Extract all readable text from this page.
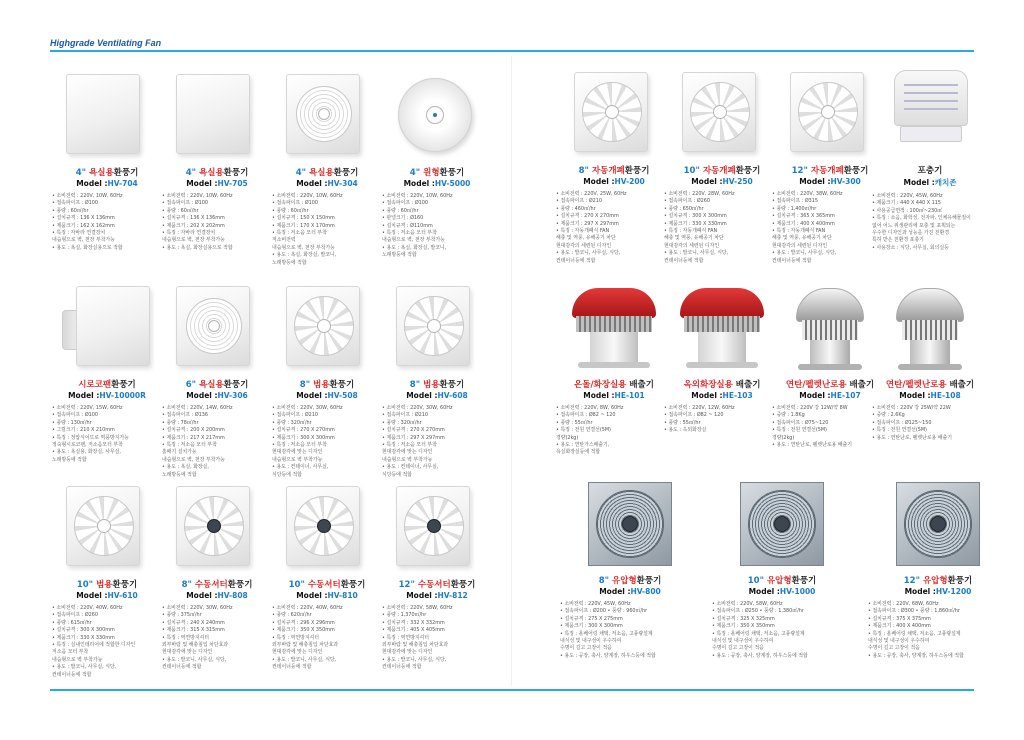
Highgrade Ventilating Fan
4" 욕실용환풍기
Model :HV-704
• 소비전력 : 220V, 10W, 60Hz
• 접속파이프 : Ø100
• 풍량 : 60㎥/hr
• 설치규격 : 136 X 136mm
• 제품크기 : 162 X 162mm
• 특징 : 자바라 연결장치
내습형으로 벽, 천장 부착가능
• 용도 : 욕실, 화장실용으로 적합
4" 욕실용환풍기
Model :HV-705
• 소비전력 : 220V, 10W, 60Hz
• 접속파이프 : Ø100
• 풍량 : 60㎥/hr
• 설치규격 : 136 X 136mm
• 제품크기 : 202 X 202mm
• 특징 : 자바라 연결장치
내습형으로 벽, 천장 부착가능
• 용도 : 욕실, 화장실용으로 적합
4" 욕실용환풍기
Model :HV-304
• 소비전력 : 220V, 10W, 60Hz
• 접속파이프 : Ø100
• 풍량 : 60㎥/hr
• 설치규격 : 150 X 150mm
• 제품크기 : 170 X 170mm
• 특징 : 저소음 모터 부착
저소비전력
내습형으로 벽, 천장 부착가능
• 용도 : 욕실, 화장실, 발코니,
노래방등에 적합
4" 원형환풍기
Model :HV-5000
• 소비전력 : 220V, 10W, 60Hz
• 접속파이프 : Ø100
• 풍량 : 60㎥/hr
• 판넬크기 : Ø160
• 설치규격 : Ø110mm
• 특징 : 저소음 모터 부착
내습형으로 벽, 천장 부착가능
• 용도 : 욕실, 화장실, 발코니,
노래방등에 적합
시로코팬환풍기
Model :HV-10000R
• 소비전력 : 220V, 15W, 60Hz
• 접속파이프 : Ø100
• 풍량 : 130㎥/hr
• 그릴크기 : 210 X 210mm
• 특징 : 정압식이므로 역풍방지가능
정숙형시로코팬, 저소음모터 부착
• 용도 : 욕실용, 화장실, 사무실,
노래방등에 적합
6" 욕실용환풍기
Model :HV-306
• 소비전력 : 220V, 14W, 60Hz
• 접속파이프 : Ø136
• 풍량 : 78㎥/hr
• 설치규격 : 200 X 200mm
• 제품크기 : 217 X 217mm
• 특징 : 저소음 모터 부착
홈배기 설치가능
내습형으로 벽, 천장 부착가능
• 용도 : 욕실, 화장실,
노래방등에 적합
8" 범용환풍기
Model :HV-508
• 소비전력 : 220V, 30W, 60Hz
• 접속파이프 : Ø210
• 풍량 : 320㎥/hr
• 설치규격 : 270 X 270mm
• 제품크기 : 300 X 300mm
• 특징 : 저소음 모터 부착
현대감각에 맞는 디자인
내습형으로 벽 부착가능
• 용도 : 컨테이너, 사무실,
식당등에 적합
8" 범용환풍기
Model :HV-608
• 소비전력 : 220V, 30W, 60Hz
• 접속파이프 : Ø210
• 풍량 : 320㎥/hr
• 설치규격 : 270 X 270mm
• 제품크기 : 297 X 297mm
• 특징 : 저소음 모터 부착
현대감각에 맞는 디자인
내습형으로 벽 부착가능
• 용도 : 컨테이너, 사무실,
식당등에 적합
10" 범용환풍기
Model :HV-610
• 소비전력 : 220V, 40W, 60Hz
• 접속파이프 : Ø260
• 풍량 : 615㎥/hr
• 설치규격 : 300 X 300mm
• 제품크기 : 330 X 330mm
• 특징 : 실내인테리어에 적합한 디자인
저소음 모터 부착
내습형으로 벽 부착가능
• 용도 : 발코니, 사무실, 식당,
컨테이너등에 적합
8" 수동셔터환풍기
Model :HV-808
• 소비전력 : 220V, 30W, 60Hz
• 풍량 : 375㎥/hr
• 설치규격 : 240 X 240mm
• 제품크기 : 315 X 315mm
• 특징 : 역연방지셔터
외부바람 및 해충침입 차단효과
현대감각에 맞는 디자인
• 용도 : 발코니, 사무실, 식당,
컨테이너등에 적합
10" 수동셔터환풍기
Model :HV-810
• 소비전력 : 220V, 40W, 60Hz
• 풍량 : 620㎥/hr
• 설치규격 : 296 X 296mm
• 제품크기 : 350 X 350mm
• 특징 : 역연방지셔터
외부바람 및 해충침입 차단효과
현대감각에 맞는 디자인
• 용도 : 발코니, 사무실, 식당,
컨테이너등에 적합
12" 수동셔터환풍기
Model :HV-812
• 소비전력 : 220V, 58W, 60Hz
• 풍량 : 1,370㎥/hr
• 설치규격 : 332 X 332mm
• 제품크기 : 405 X 405mm
• 특징 : 역연방지셔터
외부바람 및 해충침입 차단효과
현대감각에 맞는 디자인
• 용도 : 발코니, 사무실, 식당,
컨테이너등에 적합
8" 자동개폐환풍기
Model :HV-200
• 소비전력 : 220V, 25W, 60Hz
• 접속파이프 : Ø210
• 풍량 : 460㎥/hr
• 설치규격 : 270 X 270mm
• 제품크기 : 297 X 297mm
• 특징 : 자동개폐식 FAN
해충 및 역풍, 유해공기 차단
현대감각의 세련된 디자인
• 용도 : 발코니, 사무실, 식당,
컨테이너등에 적합
10" 자동개폐환풍기
Model :HV-250
• 소비전력 : 220V, 28W, 60Hz
• 접속파이프 : Ø260
• 풍량 : 650㎥/hr
• 설치규격 : 300 X 300mm
• 제품크기 : 330 X 330mm
• 특징 : 자동개폐식 FAN
해충 및 역풍, 유해공기 차단
현대감각의 세련된 디자인
• 용도 : 발코니, 사무실, 식당,
컨테이너등에 적합
12" 자동개폐환풍기
Model :HV-300
• 소비전력 : 220V, 38W, 60Hz
• 접속파이프 : Ø315
• 풍량 : 1,400㎥/hr
• 설치규격 : 365 X 365mm
• 제품크기 : 400 X 400mm
• 특징 : 자동개폐식 FAN
해충 및 역풍, 유해공기 차단
현대감각의 세련된 디자인
• 용도 : 발코니, 사무실, 식당,
컨테이너등에 적합
포충기
Model :캐치존
• 소비전력 : 220V, 45W, 60Hz
• 제품크기 : 440 X 440 X 115
• 사용공급면적 : 100㎡~230㎡
• 특징 : 소음, 화학성, 전자파, 인체유해물질이
없어 어느 위생관리에 포충 및 포획되는
우수한 디자인과 성능을 가진 친환경
특허 받은 친환경 포충기
• 사용장소 : 식당, 사무실, 회의실등
온돌/화장실용 배출기
Model :HE-101
• 소비전력 : 220V, 8W, 60Hz
• 접속파이프 : Ø82 ~ 120
• 풍량 : 55㎥/hr
• 특징 : 전원 연결선(5M)
경량(2kg)
• 용도 : 연탄가스배출기,
욕실화장실등에 적합
옥외화장실용 배출기
Model :HE-103
• 소비전력 : 220V, 12W, 60Hz
• 접속파이프 : Ø82 ~ 120
• 풍량 : 55㎥/hr
• 용도 : 옥외화장실
연탄/펠렛난로용 배출기
Model :HE-107
• 소비전력 : 220V 강 12W/약 8W
• 중량 : 1.8Kg
• 접속파이프 : Ø75~120
• 특징 : 전원 연결선(5M)
경량(2kg)
• 용도 : 연탄난로, 펠렛난로용 배출기
연탄/펠렛난로용 배출기
Model :HE-108
• 소비전력 : 220V 강 25W/약 22W
• 중량 : 2.6Kg
• 접속파이프 : Ø125~150
• 특징 : 전원 연결선(5M)
• 용도 : 연탄난로, 펠렛난로용 배출기
8" 유압형환풍기
Model :HV-800
• 소비전력 : 220V, 45W, 60Hz
• 접속파이프 : Ø200 • 풍량 : 960㎥/hr
• 설치규격 : 275 X 275mm
• 제품크기 : 300 X 300mm
• 특징 : 올베어링 채택, 저소음, 고풍량설계
내식성 및 내구성이 우수하여
수명이 길고 고장이 적음
• 용도 : 공장, 축사, 양계장, 하우스등에 적합
10" 유압형환풍기
Model :HV-1000
• 소비전력 : 220V, 58W, 60Hz
• 접속파이프 : Ø250 • 풍량 : 1,380㎥/hr
• 설치규격 : 325 X 325mm
• 제품크기 : 350 X 350mm
• 특징 : 올베어링 채택, 저소음, 고풍량설계
내식성 및 내구성이 우수하여
수명이 길고 고장이 적음
• 용도 : 공장, 축사, 양계장, 하우스등에 적합
12" 유압형환풍기
Model :HV-1200
• 소비전력 : 220V, 68W, 60Hz
• 접속파이프 : Ø300 • 풍량 : 1,860㎥/hr
• 설치규격 : 375 X 375mm
• 제품크기 : 400 X 400mm
• 특징 : 올베어링 채택, 저소음, 고풍량설계
내식성 및 내구성이 우수하여
수명이 길고 고장이 적음
• 용도 : 공장, 축사, 양계장, 하우스등에 적합
